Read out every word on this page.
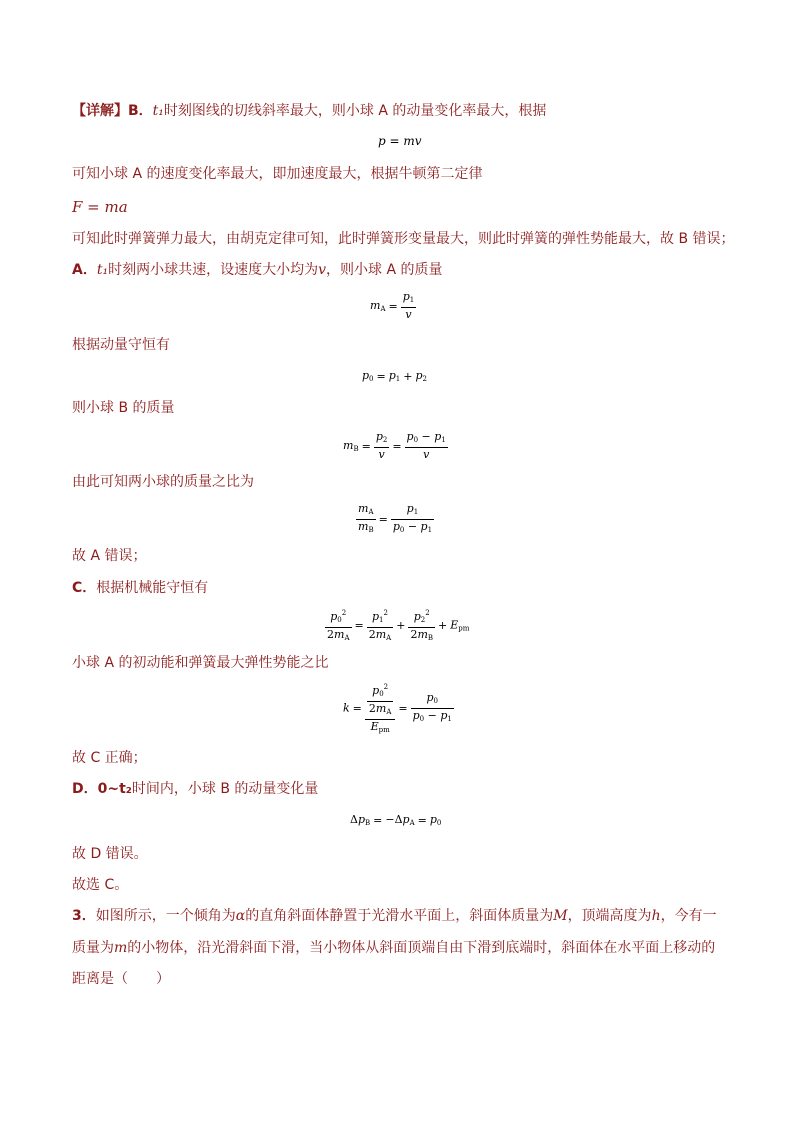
【详解】B．t₁时刻图线的切线斜率最大，则小球 A 的动量变化率最大，根据
p = mv
可知小球 A 的速度变化率最大，即加速度最大，根据牛顿第二定律
F = ma
可知此时弹簧弹力最大，由胡克定律可知，此时弹簧形变量最大，则此时弹簧的弹性势能最大，故 B 错误；
A．t₁时刻两小球共速，设速度大小均为v，则小球 A 的质量
$m_A = \frac{p_1}{v}$
根据动量守恒有
$p_0 = p_1 + p_2$
则小球 B 的质量
$m_B = \frac{p_2}{v} = \frac{p_0 - p_1}{v}$
由此可知两小球的质量之比为
$\frac{m_A}{m_B} = \frac{p_1}{p_0 - p_1}$
故 A 错误；
C．根据机械能守恒有
$\frac{p_0^2}{2m_A} = \frac{p_1^2}{2m_A} + \frac{p_2^2}{2m_B} + E_{pm}$
小球 A 的初动能和弹簧最大弹性势能之比
$k = \frac{\frac{p_0^2}{2m_A}}{E_{pm}} = \frac{p_0}{p_0 - p_1}$
故 C 正确；
D．0~t₂时间内，小球 B 的动量变化量
$\Delta p_B = -\Delta p_A = p_0$
故 D 错误。
故选 C。
3．如图所示，一个倾角为α的直角斜面体静置于光滑水平面上，斜面体质量为M，顶端高度为h，今有一
质量为m的小物体，沿光滑斜面下滑，当小物体从斜面顶端自由下滑到底端时，斜面体在水平面上移动的
距离是（　　）
